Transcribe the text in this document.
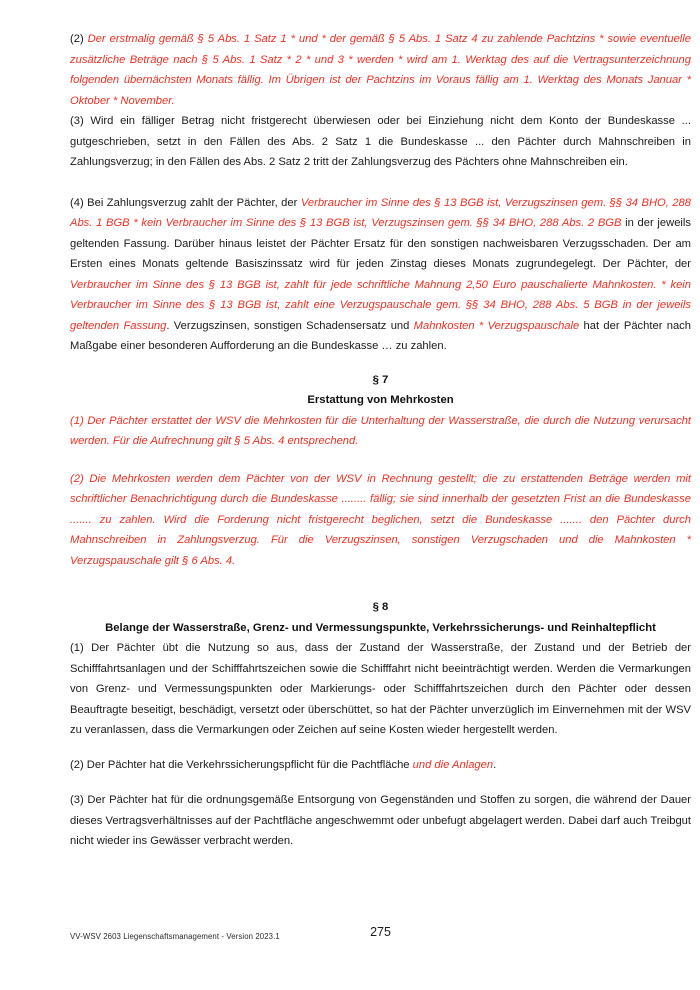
(2) Der erstmalig gemäß § 5 Abs. 1 Satz 1 * und * der gemäß § 5 Abs. 1 Satz 4 zu zahlende Pachtzins * sowie eventuelle zusätzliche Beträge nach § 5 Abs. 1 Satz * 2 * und 3 * werden * wird am 1. Werktag des auf die Vertragsunterzeichnung folgenden übernächsten Monats fällig. Im Übrigen ist der Pachtzins im Voraus fällig am 1. Werktag des Monats Januar * Oktober * November.

(3) Wird ein fälliger Betrag nicht fristgerecht überwiesen oder bei Einziehung nicht dem Konto der Bundeskasse ... gutgeschrieben, setzt in den Fällen des Abs. 2 Satz 1 die Bundeskasse ... den Pächter durch Mahnschreiben in Zahlungsverzug; in den Fällen des Abs. 2 Satz 2 tritt der Zahlungsverzug des Pächters ohne Mahnschreiben ein.

(4) Bei Zahlungsverzug zahlt der Pächter, der Verbraucher im Sinne des § 13 BGB ist, Verzugszinsen gem. §§ 34 BHO, 288 Abs. 1 BGB * kein Verbraucher im Sinne des § 13 BGB ist, Verzugszinsen gem. §§ 34 BHO, 288 Abs. 2 BGB in der jeweils geltenden Fassung. Darüber hinaus leistet der Pächter Ersatz für den sonstigen nachweisbaren Verzugsschaden. Der am Ersten eines Monats geltende Basiszinssatz wird für jeden Zinstag dieses Monats zugrundegelegt. Der Pächter, der Verbraucher im Sinne des § 13 BGB ist, zahlt für jede schriftliche Mahnung 2,50 Euro pauschalierte Mahnkosten. * kein Verbraucher im Sinne des § 13 BGB ist, zahlt eine Verzugspauschale gem. §§ 34 BHO, 288 Abs. 5 BGB in der jeweils geltenden Fassung. Verzugszinsen, sonstigen Schadensersatz und Mahnkosten * Verzugspauschale hat der Pächter nach Maßgabe einer besonderen Aufforderung an die Bundeskasse … zu zahlen.

§ 7

Erstattung von Mehrkosten

(1) Der Pächter erstattet der WSV die Mehrkosten für die Unterhaltung der Wasserstraße, die durch die Nutzung verursacht werden. Für die Aufrechnung gilt § 5 Abs. 4 entsprechend.

(2) Die Mehrkosten werden dem Pächter von der WSV in Rechnung gestellt; die zu erstattenden Beträge werden mit schriftlicher Benachrichtigung durch die Bundeskasse ........ fällig; sie sind innerhalb der gesetzten Frist an die Bundeskasse ....... zu zahlen. Wird die Forderung nicht fristgerecht beglichen, setzt die Bundeskasse ....... den Pächter durch Mahnschreiben in Zahlungsverzug. Für die Verzugszinsen, sonstigen Verzugschaden und die Mahnkosten * Verzugspauschale gilt § 6 Abs. 4.

§ 8

Belange der Wasserstraße, Grenz- und Vermessungspunkte, Verkehrssicherungs- und Reinhaltepflicht

(1) Der Pächter übt die Nutzung so aus, dass der Zustand der Wasserstraße, der Zustand und der Betrieb der Schifffahrtsanlagen und der Schifffahrtszeichen sowie die Schifffahrt nicht beeinträchtigt werden. Werden die Vermarkungen von Grenz- und Vermessungspunkten oder Markierungs- oder Schifffahrtszeichen durch den Pächter oder dessen Beauftragte beseitigt, beschädigt, versetzt oder überschüttet, so hat der Pächter unverzüglich im Einvernehmen mit der WSV zu veranlassen, dass die Vermarkungen oder Zeichen auf seine Kosten wieder hergestellt werden.

(2) Der Pächter hat die Verkehrssicherungspflicht für die Pachtfläche und die Anlagen.

(3) Der Pächter hat für die ordnungsgemäße Entsorgung von Gegenständen und Stoffen zu sorgen, die während der Dauer dieses Vertragsverhältnisses auf der Pachtfläche angeschwemmt oder unbefugt abgelagert werden. Dabei darf auch Treibgut nicht wieder ins Gewässer verbracht werden.

VV-WSV 2603 Liegenschaftsmanagement - Version 2023.1	275
